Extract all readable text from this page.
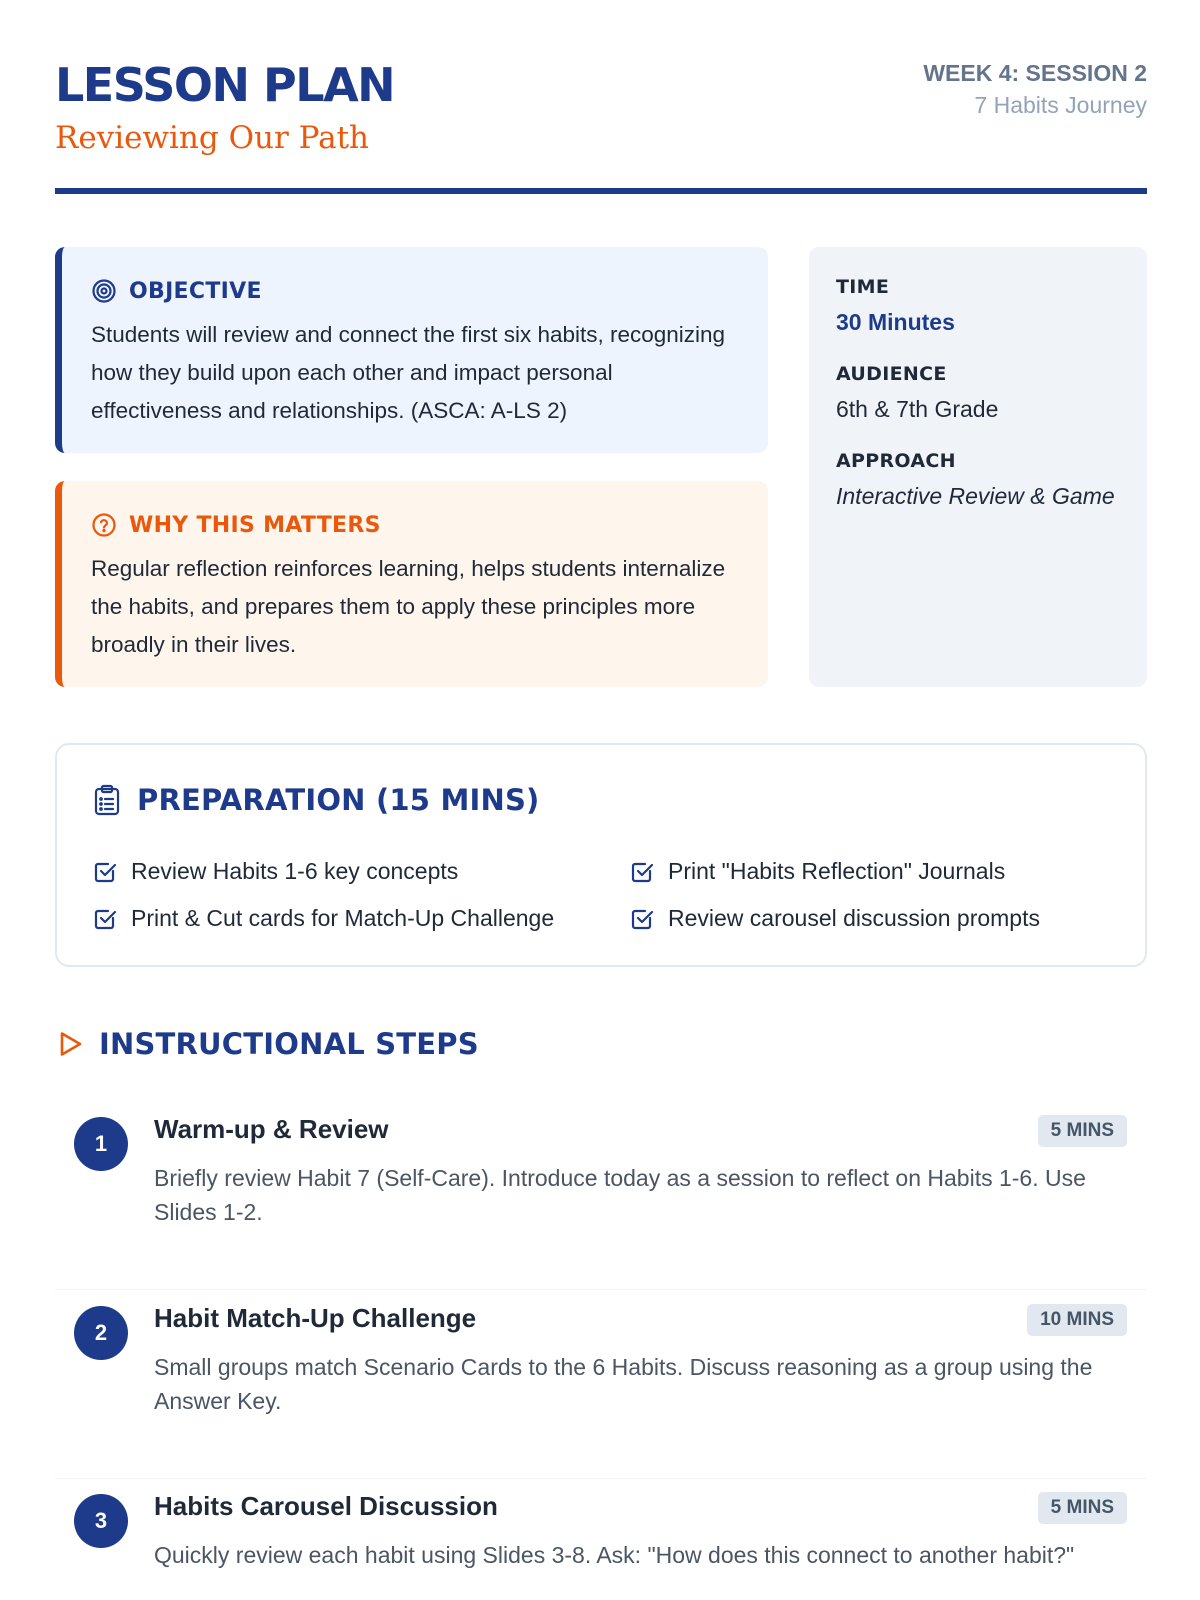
LESSON PLAN
Reviewing Our Path
WEEK 4: SESSION 2
7 Habits Journey
OBJECTIVE
Students will review and connect the first six habits, recognizing how they build upon each other and impact personal effectiveness and relationships. (ASCA: A-LS 2)
WHY THIS MATTERS
Regular reflection reinforces learning, helps students internalize the habits, and prepares them to apply these principles more broadly in their lives.
TIME
30 Minutes
AUDIENCE
6th & 7th Grade
APPROACH
Interactive Review & Game
PREPARATION (15 MINS)
Review Habits 1-6 key concepts	Print "Habits Reflection" Journals
Print & Cut cards for Match-Up Challenge	Review carousel discussion prompts
INSTRUCTIONAL STEPS
1	Warm-up & Review	5 MINS
Briefly review Habit 7 (Self-Care). Introduce today as a session to reflect on Habits 1-6. Use Slides 1-2.
2	Habit Match-Up Challenge	10 MINS
Small groups match Scenario Cards to the 6 Habits. Discuss reasoning as a group using the Answer Key.
3	Habits Carousel Discussion	5 MINS
Quickly review each habit using Slides 3-8. Ask: "How does this connect to another habit?"
